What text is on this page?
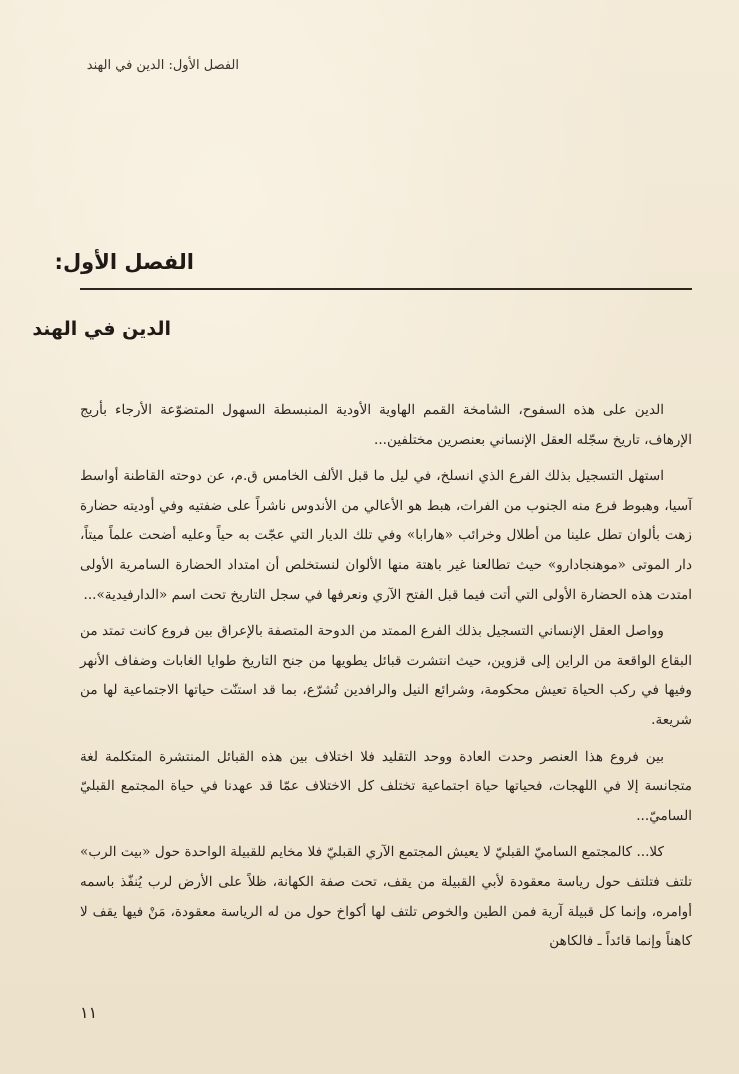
الفصل الأول: الدين في الهند
الفصل الأول:
الدين في الهند

الدين على هذه السفوح، الشامخة القمم الهاوية الأودية المنبسطة السهول المتضوّعة الأرجاء بأريج الإرهاف، تاريخ سجّله العقل الإنساني بعنصرين مختلفين...

استهل التسجيل بذلك الفرع الذي انسلخ، في ليل ما قبل الألف الخامس ق.م، عن دوحته القاطنة أواسط آسيا، وهبوط فرع منه الجنوب من الفرات، هبط هو الأعالي من الأندوس ناشراً على ضفتيه وفي أوديته حضارة زهت بألوان تطل علينا من أطلال وخرائب «هارابا» وفي تلك الديار التي عجّت به حياً وعليه أضحت علماً ميتاً، دار الموتى «موهنجادارو» حيث تطالعنا غير باهتة منها الألوان لنستخلص أن امتداد الحضارة السامرية الأولى امتدت هذه الحضارة الأولى التي أتت فيما قبل الفتح الآري ونعرفها في سجل التاريخ تحت اسم «الدارفيدية»...

وواصل العقل الإنساني التسجيل بذلك الفرع الممتد من الدوحة المتصفة بالإعراق بين فروع كانت تمتد من البقاع الواقعة من الراين إلى قزوين، حيث انتشرت قبائل يطويها من جنح التاريخ طوايا الغابات وضفاف الأنهر وفيها في ركب الحياة تعيش محكومة، وشرائع النيل والرافدين تُشرّع، بما قد استنّت حياتها الاجتماعية لها من شريعة.

بين فروع هذا العنصر وحدت العادة ووحد التقليد فلا اختلاف بين هذه القبائل المنتشرة المتكلمة لغة متجانسة إلا في اللهجات، فحياتها حياة اجتماعية تختلف كل الاختلاف عمّا قد عهدنا في حياة المجتمع القبليّ الساميّ...

كلا... كالمجتمع الساميّ القبليّ لا يعيش المجتمع الآري القبليّ فلا مخايم للقبيلة الواحدة حول «بيت الرب» تلتف فتلتف حول رياسة معقودة لأبي القبيلة من يقف، تحت صفة الكهانة، ظلاً على الأرض لرب يُنفّذ باسمه أوامره، وإنما كل قبيلة آرية فمن الطين والخوص تلتف لها أكواخ حول من له الرياسة معقودة، مَنْ فيها يقف لا كاهناً وإنما قائداً ـ فالكاهن

١١
